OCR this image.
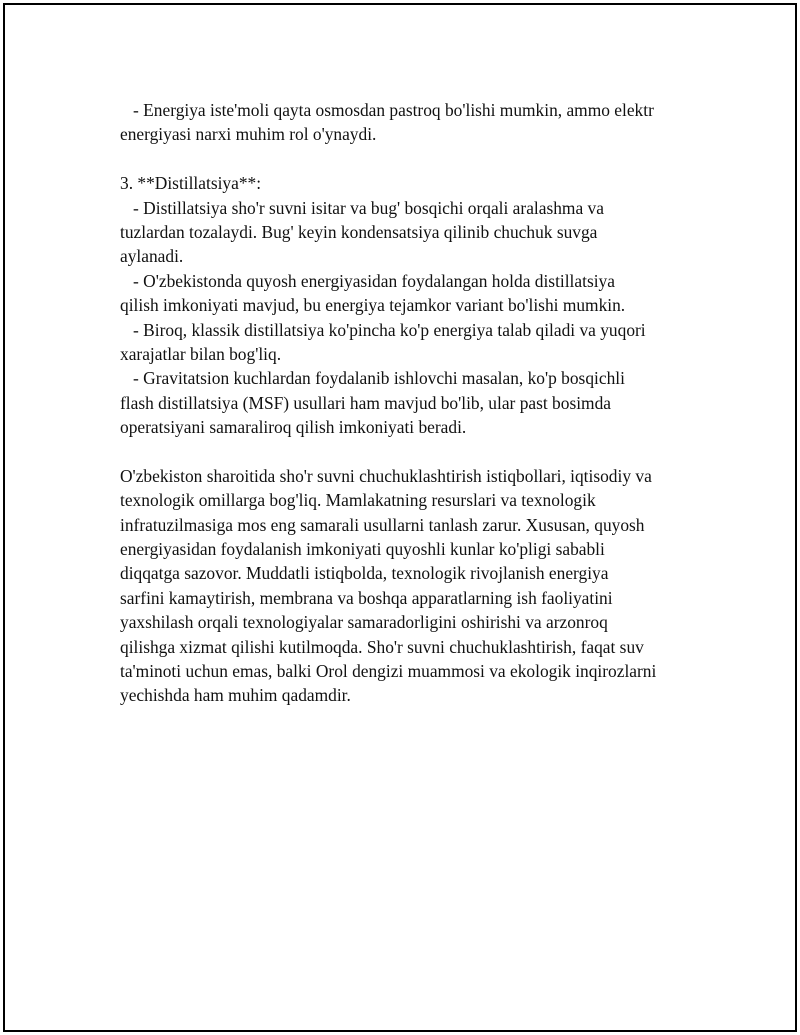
- Energiya iste'moli qayta osmosdan pastroq bo'lishi mumkin, ammo elektr
energiyasi narxi muhim rol o'ynaydi.
3. **Distillatsiya**:
- Distillatsiya sho'r suvni isitar va bug' bosqichi orqali aralashma va
tuzlardan tozalaydi. Bug' keyin kondensatsiya qilinib chuchuk suvga
aylanadi.
- O'zbekistonda quyosh energiyasidan foydalangan holda distillatsiya
qilish imkoniyati mavjud, bu energiya tejamkor variant bo'lishi mumkin.
- Biroq, klassik distillatsiya ko'pincha ko'p energiya talab qiladi va yuqori
xarajatlar bilan bog'liq.
- Gravitatsion kuchlardan foydalanib ishlovchi masalan, ko'p bosqichli
flash distillatsiya (MSF) usullari ham mavjud bo'lib, ular past bosimda
operatsiyani samaraliroq qilish imkoniyati beradi.
O'zbekiston sharoitida sho'r suvni chuchuklashtirish istiqbollari, iqtisodiy va
texnologik omillarga bog'liq. Mamlakatning resurslari va texnologik
infratuzilmasiga mos eng samarali usullarni tanlash zarur. Xususan, quyosh
energiyasidan foydalanish imkoniyati quyoshli kunlar ko'pligi sababli
diqqatga sazovor. Muddatli istiqbolda, texnologik rivojlanish energiya
sarfini kamaytirish, membrana va boshqa apparatlarning ish faoliyatini
yaxshilash orqali texnologiyalar samaradorligini oshirishi va arzonroq
qilishga xizmat qilishi kutilmoqda. Sho'r suvni chuchuklashtirish, faqat suv
ta'minoti uchun emas, balki Orol dengizi muammosi va ekologik inqirozlarni
yechishda ham muhim qadamdir.
